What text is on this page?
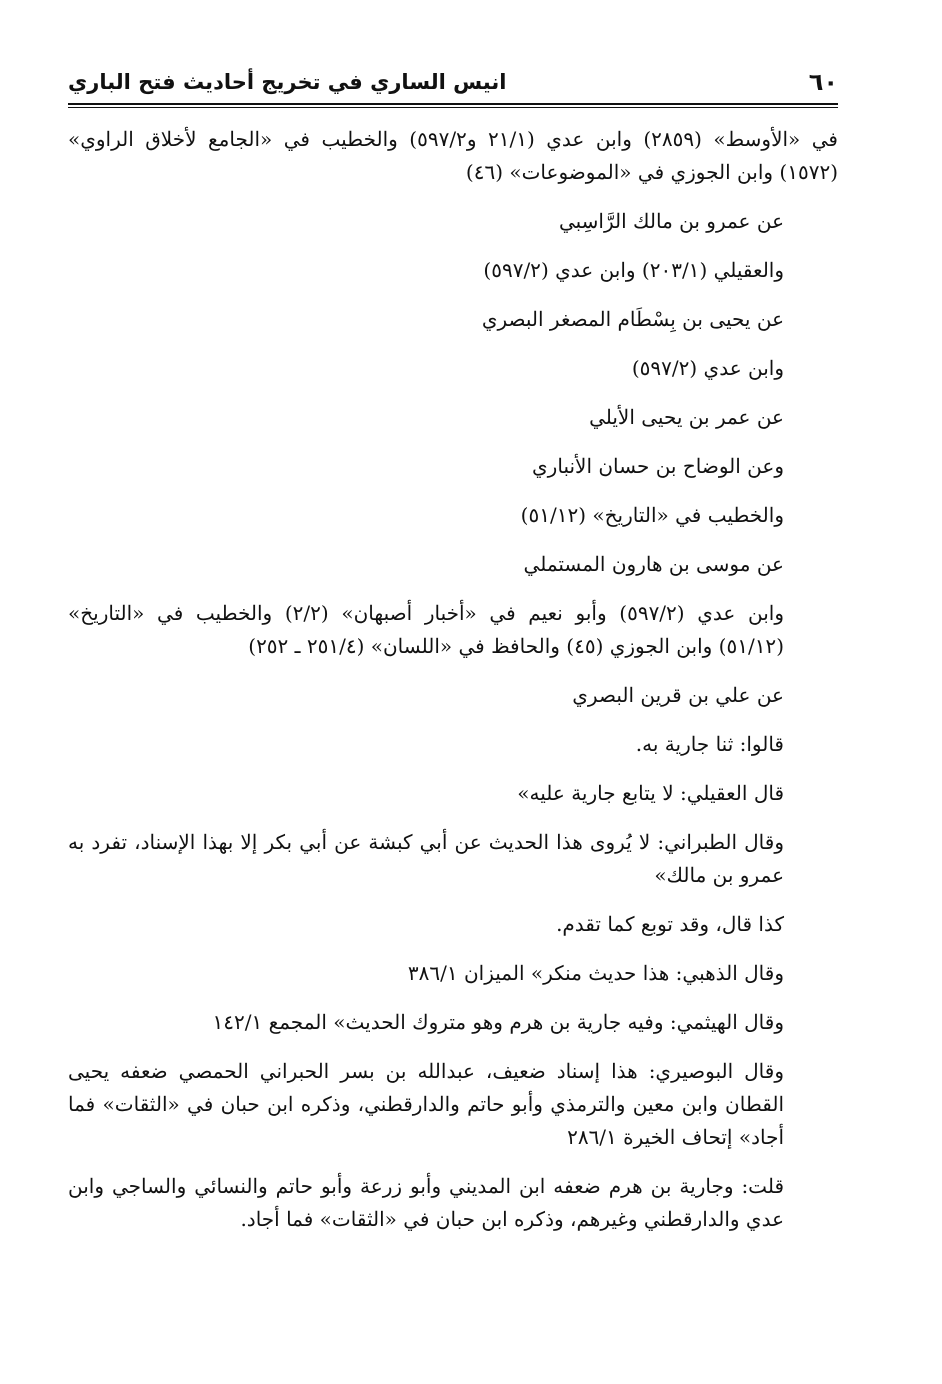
٦٠
انيس الساري في تخريج أحاديث فتح الباري

في «الأوسط» (٢٨٥٩) وابن عدي (٢١/١ و٥٩٧/٢) والخطيب في «الجامع لأخلاق الراوي» (١٥٧٢) وابن الجوزي في «الموضوعات» (٤٦)

عن عمرو بن مالك الرَّاسِبي

والعقيلي (٢٠٣/١) وابن عدي (٥٩٧/٢)

عن يحيى بن بِسْطَام المصغر البصري

وابن عدي (٥٩٧/٢)

عن عمر بن يحيى الأيلي

وعن الوضاح بن حسان الأنباري

والخطيب في «التاريخ» (٥١/١٢)

عن موسى بن هارون المستملي

وابن عدي (٥٩٧/٢) وأبو نعيم في «أخبار أصبهان» (٢/٢) والخطيب في «التاريخ» (٥١/١٢) وابن الجوزي (٤٥) والحافظ في «اللسان» (٢٥١/٤ ـ ٢٥٢)

عن علي بن قرين البصري

قالوا: ثنا جارية به.

قال العقيلي: لا يتابع جارية عليه»

وقال الطبراني: لا يُروى هذا الحديث عن أبي كبشة عن أبي بكر إلا بهذا الإسناد، تفرد به عمرو بن مالك»

كذا قال، وقد توبع كما تقدم.

وقال الذهبي: هذا حديث منكر» الميزان ٣٨٦/١

وقال الهيثمي: وفيه جارية بن هرم وهو متروك الحديث» المجمع ١٤٢/١

وقال البوصيري: هذا إسناد ضعيف، عبدالله بن بسر الحبراني الحمصي ضعفه يحيى القطان وابن معين والترمذي وأبو حاتم والدارقطني، وذكره ابن حبان في «الثقات» فما أجاد» إتحاف الخيرة ٢٨٦/١

قلت: وجارية بن هرم ضعفه ابن المديني وأبو زرعة وأبو حاتم والنسائي والساجي وابن عدي والدارقطني وغيرهم، وذكره ابن حبان في «الثقات» فما أجاد.
